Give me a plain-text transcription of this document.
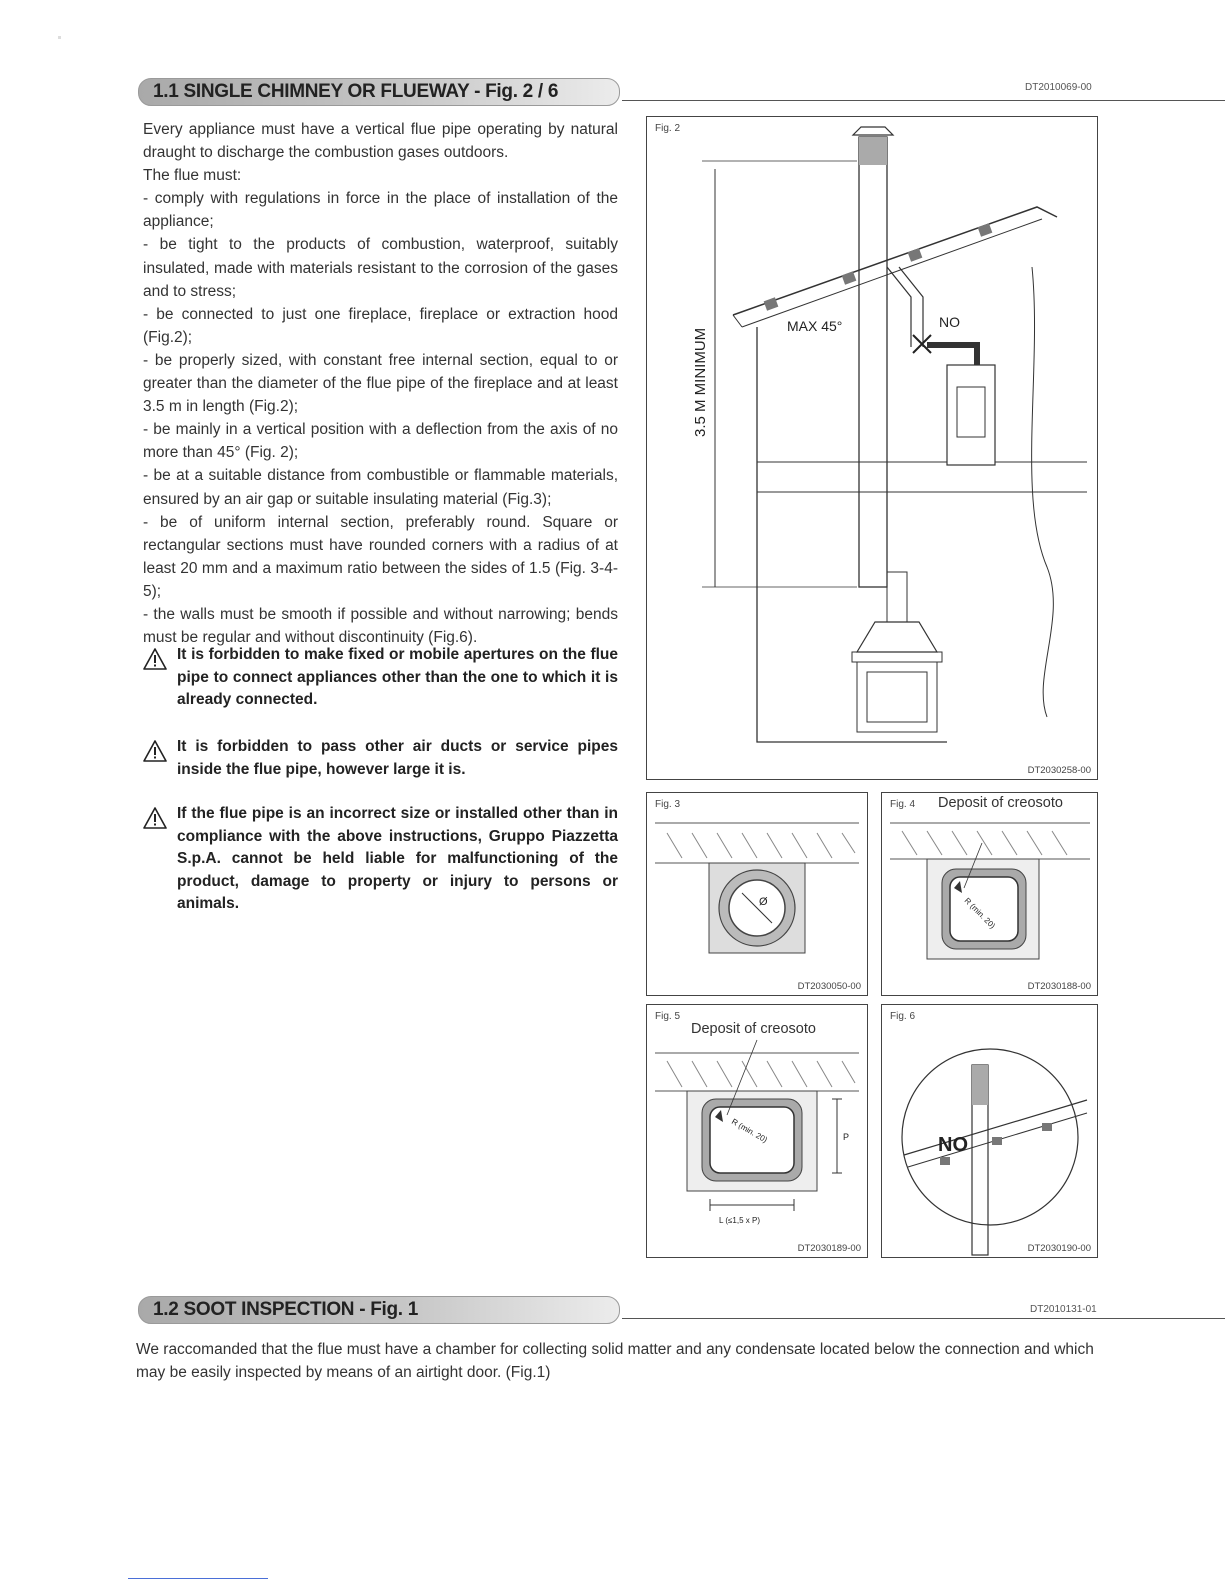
1.1 SINGLE CHIMNEY OR FLUEWAY - Fig. 2 / 6	DT2010069-00

Every appliance must have a vertical flue pipe operating by natural draught to discharge the combustion gases outdoors.

The flue must:

- comply with regulations in force in the place of installation of the appliance;

- be tight to the products of combustion, waterproof, suitably insulated, made with materials resistant to the corrosion of the gases and to stress;

- be connected to just one fireplace, fireplace or extraction hood (Fig.2);

- be properly sized, with constant free internal section, equal to or greater than the diameter of the flue pipe of the fireplace and at least 3.5 m in length (Fig.2);

- be mainly in a vertical position with a deflection from the axis of no more than 45° (Fig. 2);

- be at a suitable distance from combustible or flammable materials, ensured by an air gap or suitable insulating material (Fig.3);

- be of uniform internal section, preferably round. Square or rectangular sections must have rounded corners with a radius of at least 20 mm and a maximum ratio between the sides of 1.5 (Fig. 3-4-5);

- the walls must be smooth if possible and without narrowing; bends must be regular and without discontinuity (Fig.6).

It is forbidden to make fixed or mobile apertures on the flue pipe to connect appliances other than the one to which it is already connected.

It is forbidden to pass other air ducts or service pipes inside the flue pipe, however large it is.

If the flue pipe is an incorrect size or installed other than in compliance with the above instructions, Gruppo Piazzetta S.p.A. cannot be held liable for malfunctioning of the product, damage to property or injury to persons or animals.

MAX 45°	NO
3.5 M MINIMUM
Fig. 2
DT2030258-00
Ø
Fig. 3
DT2030050-00
R (min. 20)
Fig. 4 Deposit of creosoto
DT2030188-00
R (min. 20)	P
L (≤1,5 x P)
Fig. 5
Deposit of creosoto
DT2030189-00
NO
Fig. 6
DT2030190-00
1.2 SOOT INSPECTION - Fig. 1	DT2010131-01

We raccomanded that the flue must have a chamber for collecting solid matter and any condensate located below the connection and which may be easily inspected by means of an airtight door. (Fig.1)
